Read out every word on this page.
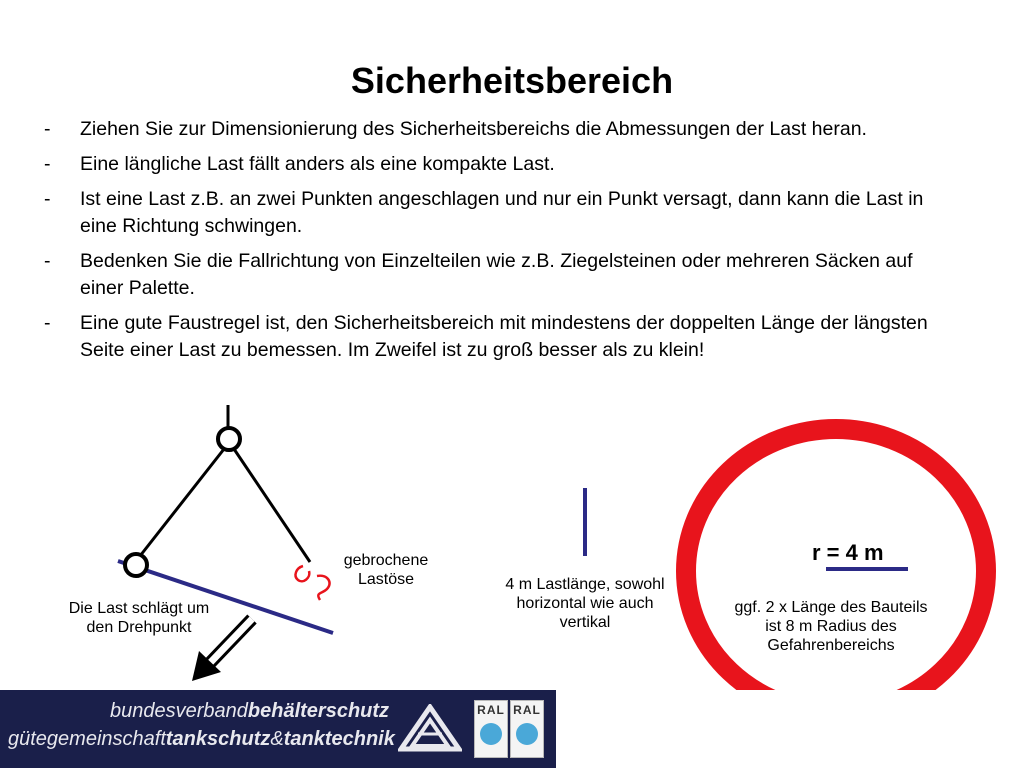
Sicherheitsbereich
- Ziehen Sie zur Dimensionierung des Sicherheitsbereichs die Abmessungen der Last heran.
- Eine längliche Last fällt anders als eine kompakte Last.
- Ist eine Last z.B. an zwei Punkten angeschlagen und nur ein Punkt versagt, dann kann die Last in eine Richtung schwingen.
- Bedenken Sie die Fallrichtung von Einzelteilen wie z.B. Ziegelsteinen oder mehreren Säcken auf einer Palette.
- Eine gute Faustregel ist, den Sicherheitsbereich mit mindestens der doppelten Länge der längsten Seite einer Last zu bemessen. Im Zweifel ist zu groß besser als zu klein!
gebrochene Lastöse
Die Last schlägt um den Drehpunkt
4 m Lastlänge, sowohl horizontal wie auch vertikal
r = 4 m
ggf. 2 x Länge des Bauteils ist 8 m Radius des Gefahrenbereichs
bundesverbandbehälterschutz
gütegemeinschafttankschutz&tanktechnik
RAL RAL
